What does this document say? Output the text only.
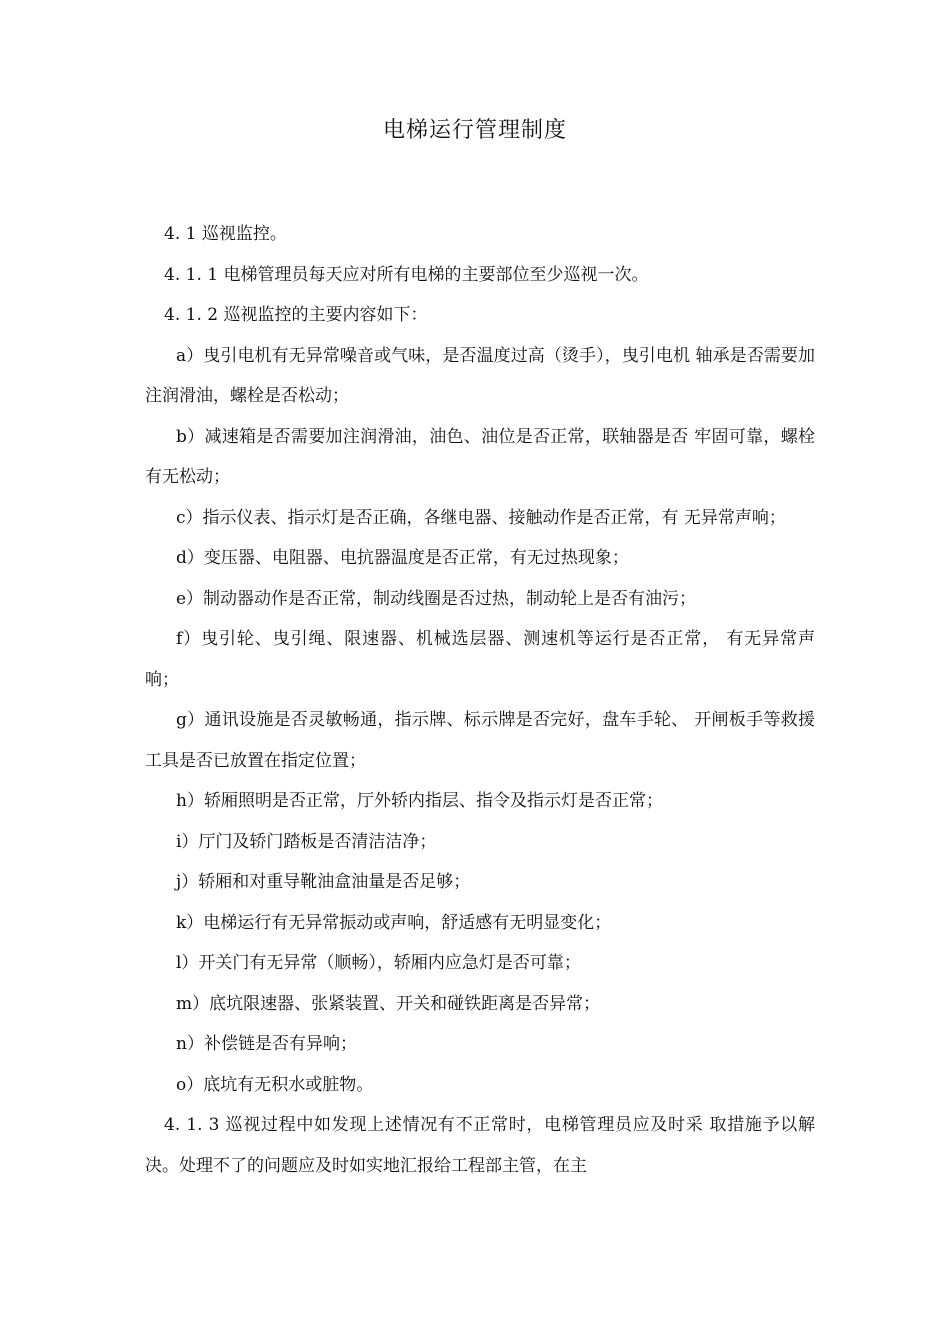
电梯运行管理制度

4. 1 巡视监控。

4. 1. 1 电梯管理员每天应对所有电梯的主要部位至少巡视一次。

4. 1. 2 巡视监控的主要内容如下：

a）曳引电机有无异常噪音或气味，是否温度过高（烫手），曳引电机 轴承是否需要加注润滑油，螺栓是否松动；

b）减速箱是否需要加注润滑油，油色、油位是否正常，联轴器是否 牢固可靠，螺栓有无松动；

c）指示仪表、指示灯是否正确，各继电器、接触动作是否正常，有 无异常声响；

d）变压器、电阻器、电抗器温度是否正常，有无过热现象；

e）制动器动作是否正常，制动线圈是否过热，制动轮上是否有油污；

f）曳引轮、曳引绳、限速器、机械选层器、测速机等运行是否正常， 有无异常声响；

g）通讯设施是否灵敏畅通，指示牌、标示牌是否完好，盘车手轮、 开闸板手等救援工具是否已放置在指定位置；

h）轿厢照明是否正常，厅外轿内指层、指令及指示灯是否正常；

i）厅门及轿门踏板是否清洁洁净；

j）轿厢和对重导靴油盒油量是否足够；

k）电梯运行有无异常振动或声响，舒适感有无明显变化；

l）开关门有无异常（顺畅），轿厢内应急灯是否可靠；

m）底坑限速器、张紧装置、开关和碰铁距离是否异常；

n）补偿链是否有异响；

o）底坑有无积水或脏物。

4. 1. 3 巡视过程中如发现上述情况有不正常时，电梯管理员应及时采 取措施予以解决。处理不了的问题应及时如实地汇报给工程部主管，在主
